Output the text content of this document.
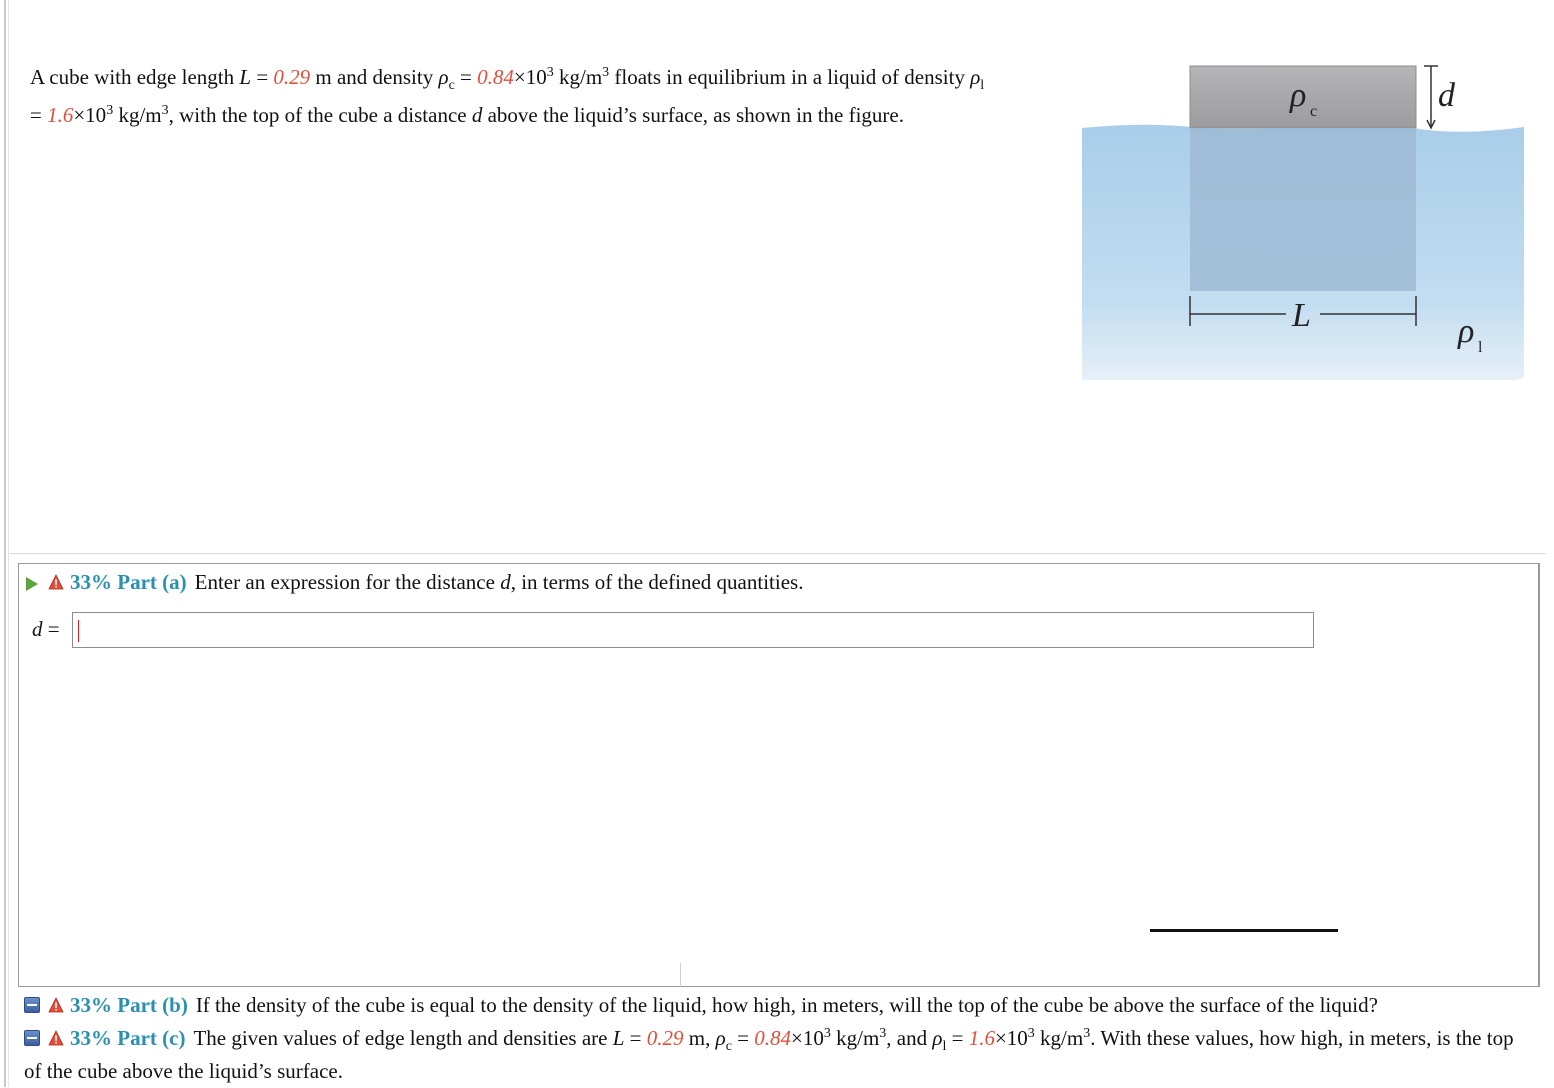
A cube with edge length L = 0.29 m and density $\rho_c = 0.84\times 10^3$ $kg/m^3$ floats in equilibrium in a liquid of density $\rho_l$
= $1.6\times 10^3$ $kg/m^3$, with the top of the cube a distance d above the liquid’s surface, as shown in the figure.
ρ c	d
L	ρ l
33% Part (a) Enter an expression for the distance d, in terms of the defined quantities.
d =
33% Part (b) If the density of the cube is equal to the density of the liquid, how high, in meters, will the top of the cube be above the surface of the liquid?
33% Part (c) The given values of edge length and densities are L = 0.29 m, $\rho_c = 0.84\times 10^3$ $kg/m^3$, and $\rho_l = 1.6\times 10^3$ $kg/m^3$. With these values, how high, in meters, is the top of the cube above the liquid’s surface.
